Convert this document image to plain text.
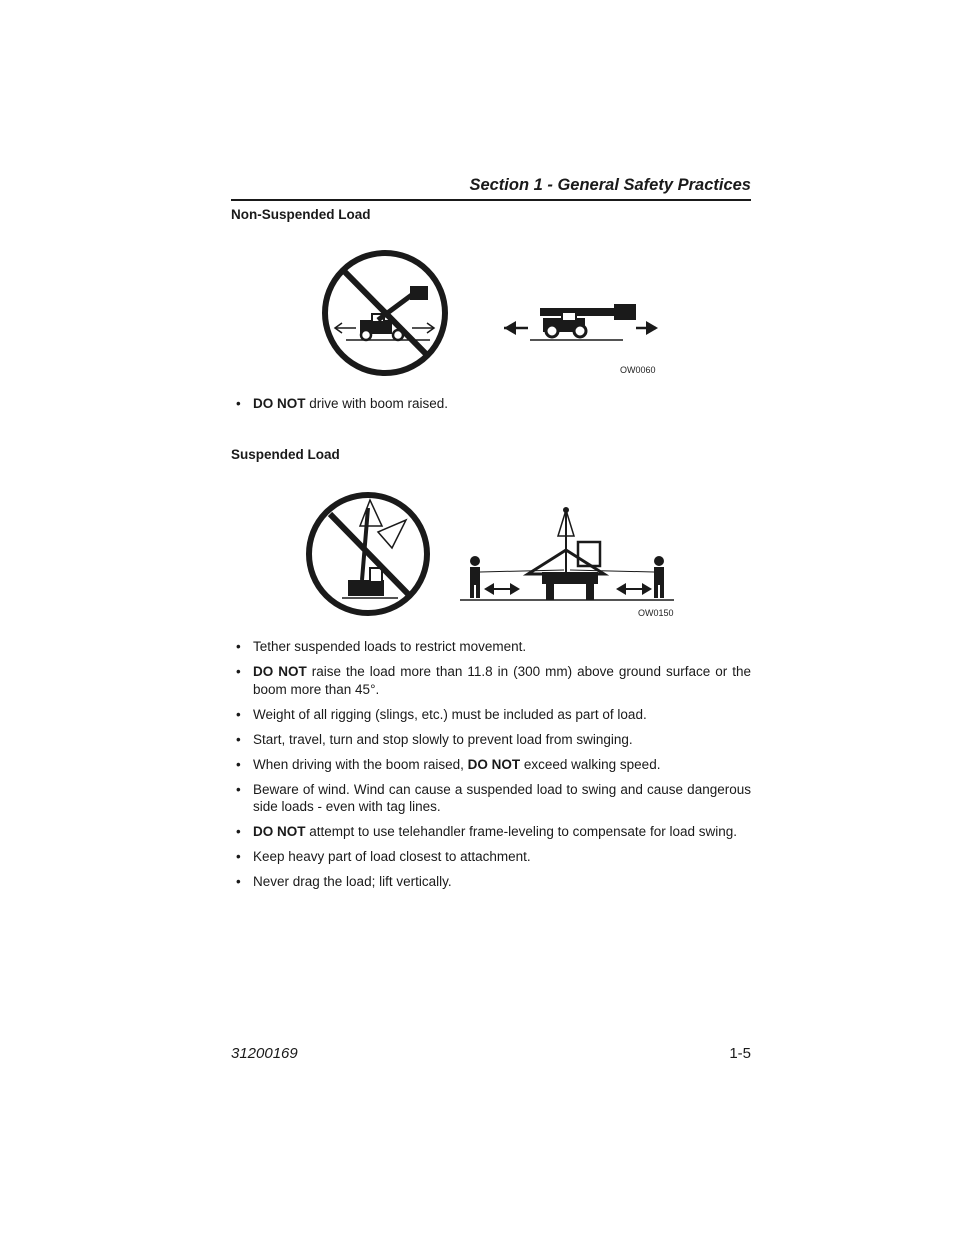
Section 1 - General Safety Practices
Non-Suspended Load
OW0060
• DO NOT drive with boom raised.
Suspended Load
OW0150
• Tether suspended loads to restrict movement.
• DO NOT raise the load more than 11.8 in (300 mm) above ground surface or the boom more than 45°.
• Weight of all rigging (slings, etc.) must be included as part of load.
• Start, travel, turn and stop slowly to prevent load from swinging.
• When driving with the boom raised, DO NOT exceed walking speed.
• Beware of wind. Wind can cause a suspended load to swing and cause dangerous side loads - even with tag lines.
• DO NOT attempt to use telehandler frame-leveling to compensate for load swing.
• Keep heavy part of load closest to attachment.
• Never drag the load; lift vertically.
31200169	1-5
